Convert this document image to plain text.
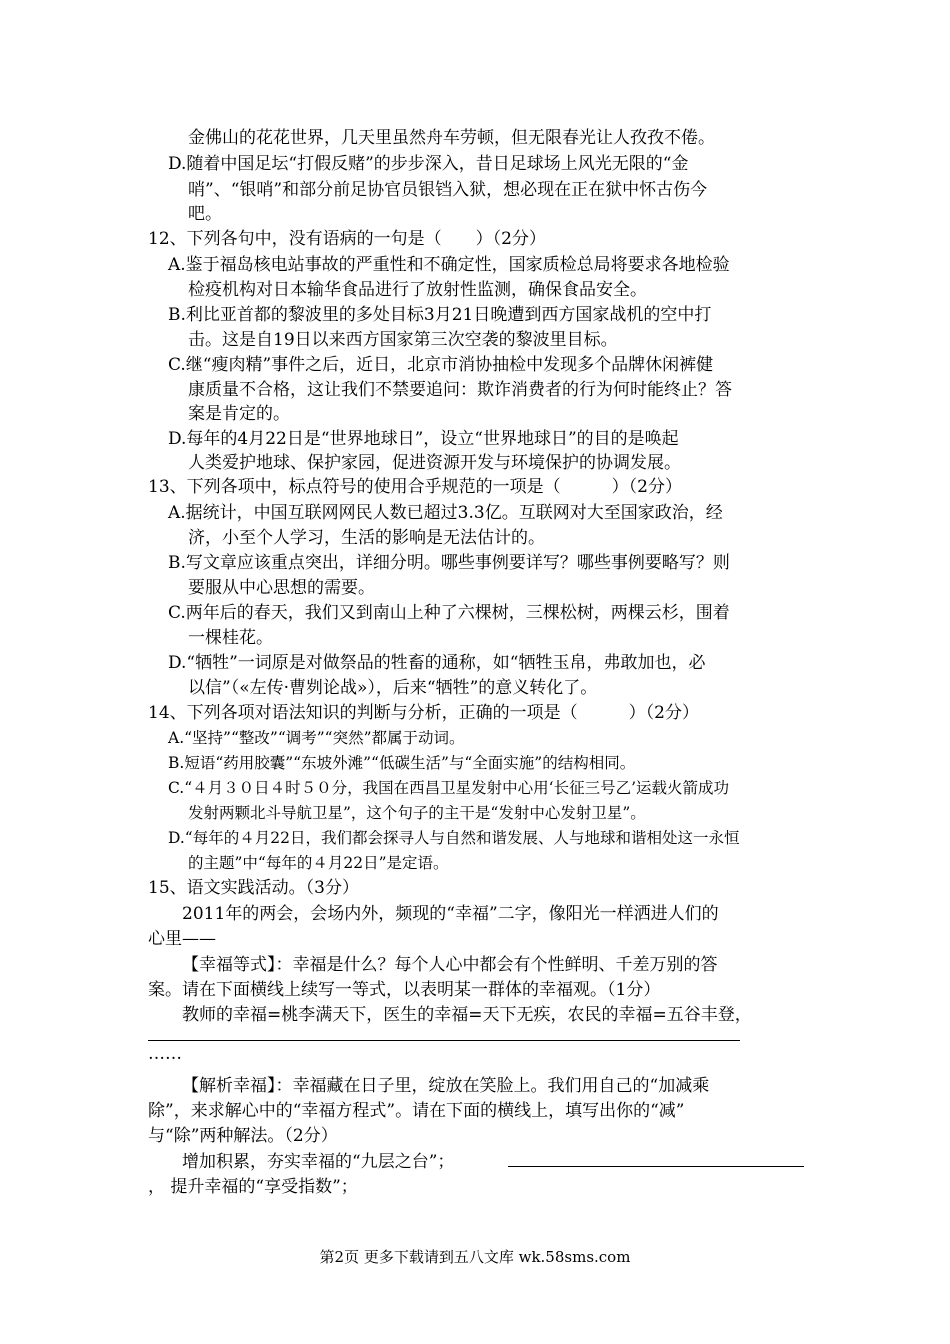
金佛山的花花世界，几天里虽然舟车劳顿，但无限春光让人孜孜不倦。
D.随着中国足坛“打假反赌”的步步深入，昔日足球场上风光无限的“金
哨”、“银哨”和部分前足协官员银铛入狱，想必现在正在狱中怀古伤今
吧。
12、下列各句中，没有语病的一句是（　　）（2分）
A.鉴于福岛核电站事故的严重性和不确定性，国家质检总局将要求各地检验
检疫机构对日本输华食品进行了放射性监测，确保食品安全。
B.利比亚首都的黎波里的多处目标3月21日晚遭到西方国家战机的空中打
击。这是自19日以来西方国家第三次空袭的黎波里目标。
C.继“瘦肉精”事件之后，近日，北京市消协抽检中发现多个品牌休闲裤健
康质量不合格，这让我们不禁要追问：欺诈消费者的行为何时能终止？答
案是肯定的。
D.每年的4月22日是“世界地球日”，设立“世界地球日”的目的是唤起
人类爱护地球、保护家园，促进资源开发与环境保护的协调发展。
13、下列各项中，标点符号的使用合乎规范的一项是（　　　）（2分）
A.据统计，中国互联网网民人数已超过3.3亿。互联网对大至国家政治，经
济，小至个人学习，生活的影响是无法估计的。
B.写文章应该重点突出，详细分明。哪些事例要详写？哪些事例要略写？则
要服从中心思想的需要。
C.两年后的春天，我们又到南山上种了六棵树，三棵松树，两棵云杉，围着
一棵桂花。
D.“牺牲”一词原是对做祭品的牲畜的通称，如“牺牲玉帛，弗敢加也，必
以信”（«左传·曹刿论战»），后来“牺牲”的意义转化了。
14、下列各项对语法知识的判断与分析，正确的一项是（　　　）（2分）
A.“坚持”“整改”“调考”“突然”都属于动词。
B.短语“药用胶囊”“东坡外滩”“低碳生活”与“全面实施”的结构相同。
C.“４月３０日４时５０分，我国在西昌卫星发射中心用‘长征三号乙’运载火箭成功
发射两颗北斗导航卫星”，这个句子的主干是“发射中心发射卫星”。
D.“每年的４月22日，我们都会探寻人与自然和谐发展、人与地球和谐相处这一永恒
的主题”中“每年的４月22日”是定语。
15、语文实践活动。（3分）
2011年的两会，会场内外，频现的“幸福”二字，像阳光一样洒进人们的
心里——
【幸福等式】：幸福是什么？每个人心中都会有个性鲜明、千差万别的答
案。请在下面横线上续写一等式，以表明某一群体的幸福观。（1分）
教师的幸福=桃李满天下，医生的幸福=天下无疾，农民的幸福=五谷丰登，
……
【解析幸福】：幸福藏在日子里，绽放在笑脸上。我们用自己的“加减乘
除”，来求解心中的“幸福方程式”。请在下面的横线上，填写出你的“减”
与“除”两种解法。（2分）
增加积累，夯实幸福的“九层之台”；
， 提升幸福的“享受指数”；
第2页 更多下载请到五八文库 wk.58sms.com
